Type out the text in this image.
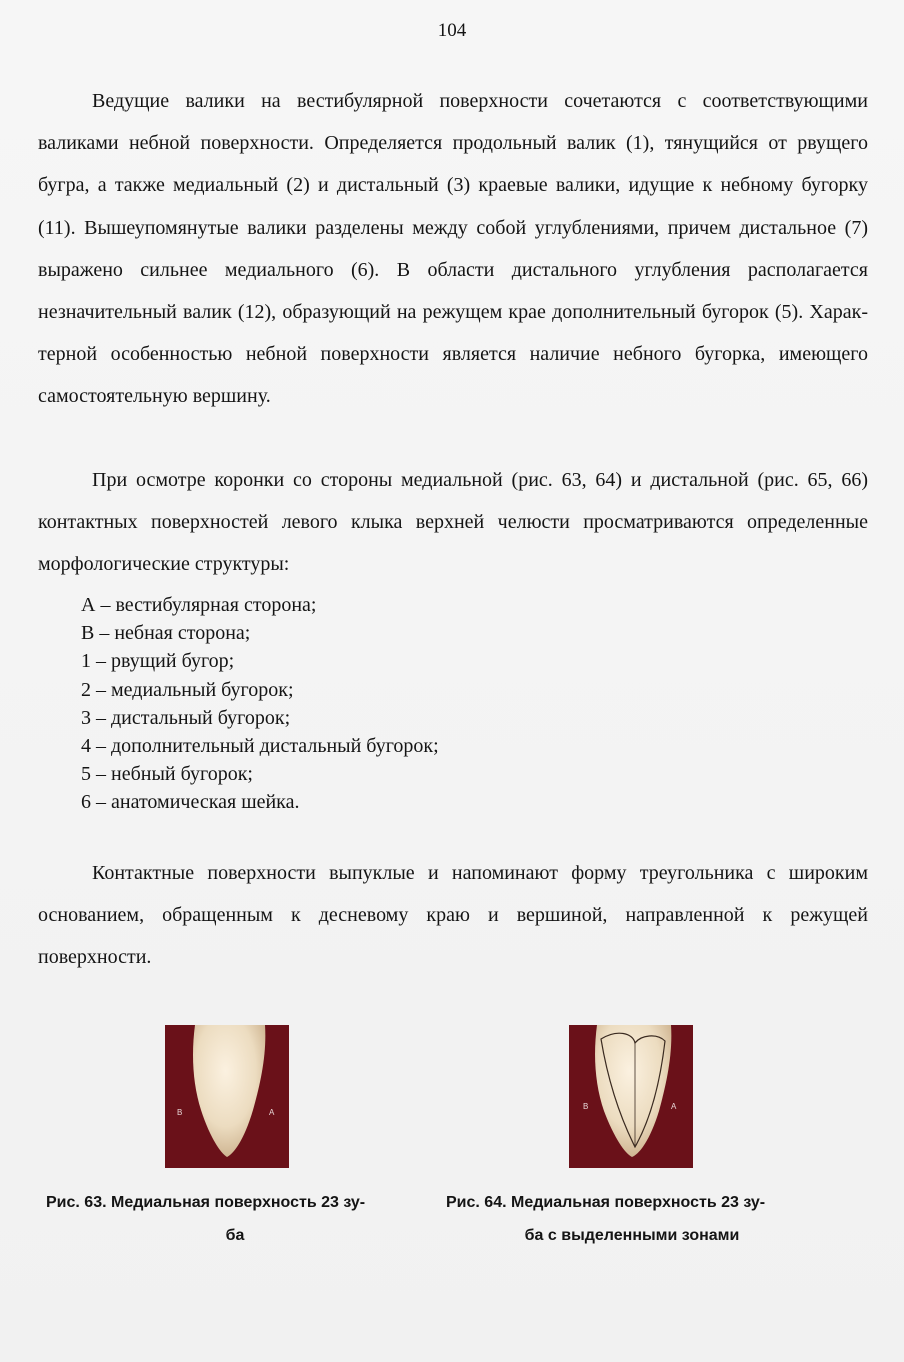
104

Ведущие валики на вестибулярной поверхности сочетаются с соответствующими валиками небной поверхности. Определяется продольный валик (1), тянущийся от рвущего бугра, а также медиальный (2) и дистальный (3) краевые валики, идущие к небному бугорку (11). Вышеупомянутые валики разделены между собой углублениями, причем дистальное (7) выражено сильнее медиального (6). В области дистального углубления располагается незначительный валик (12), образующий на режущем крае дополнительный бугорок (5). Характерной особенностью небной поверхности является наличие небного бугорка, имеющего самостоятельную вершину.

При осмотре коронки со стороны медиальной (рис. 63, 64) и дистальной (рис. 65, 66) контактных поверхностей левого клыка верхней челюсти просматриваются определенные морфологические структуры:

А – вестибулярная сторона;
В – небная сторона;
1 – рвущий бугор;
2 – медиальный бугорок;
3 – дистальный бугорок;
4 – дополнительный дистальный бугорок;
5 – небный бугорок;
6 – анатомическая шейка.

Контактные поверхности выпуклые и напоминают форму треугольника с широким основанием, обращенным к десневому краю и вершиной, направленной к режущей поверхности.

B	A
B	A
Рис. 63. Медиальная поверхность 23 зу-
ба
Рис. 64. Медиальная поверхность 23 зу-
ба с выделенными зонами
